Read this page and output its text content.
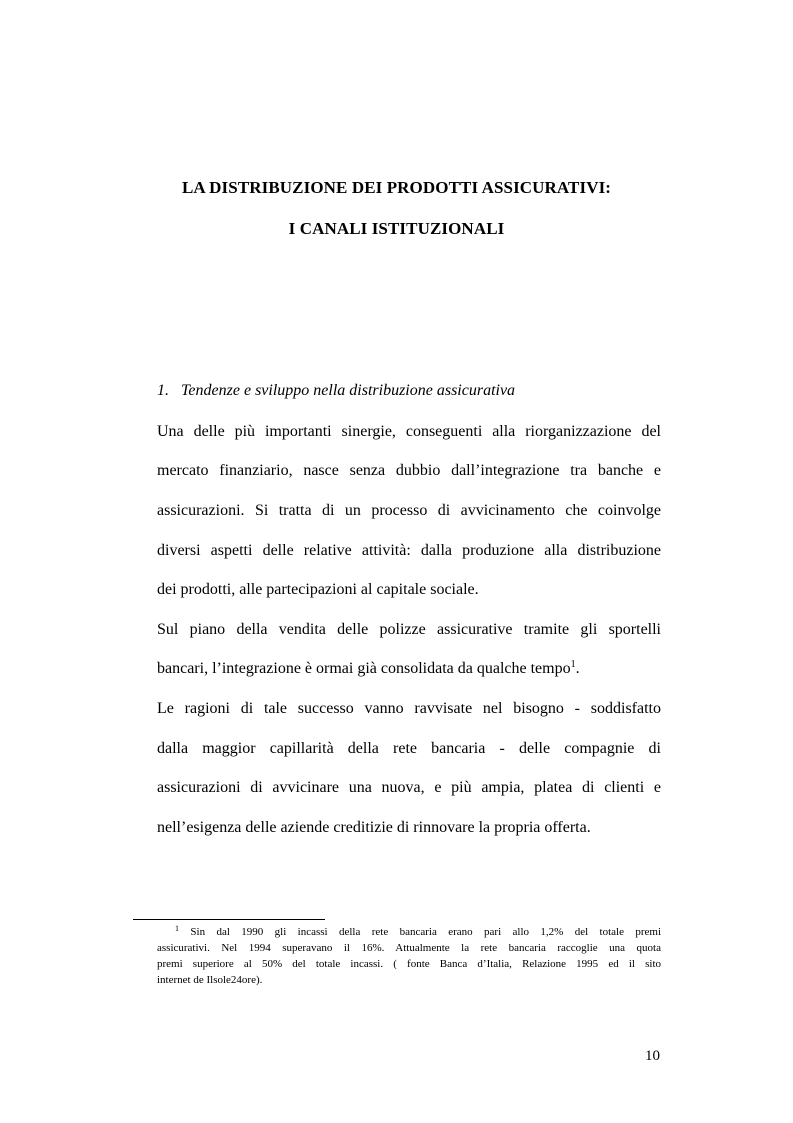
LA DISTRIBUZIONE DEI PRODOTTI ASSICURATIVI:
I CANALI ISTITUZIONALI
1. Tendenze e sviluppo nella distribuzione assicurativa
Una delle più importanti sinergie, conseguenti alla riorganizzazione del
mercato finanziario, nasce senza dubbio dall’integrazione tra banche e
assicurazioni. Si tratta di un processo di avvicinamento che coinvolge
diversi aspetti delle relative attività: dalla produzione alla distribuzione
dei prodotti, alle partecipazioni al capitale sociale.
Sul piano della vendita delle polizze assicurative tramite gli sportelli
bancari, l’integrazione è ormai già consolidata da qualche tempo$^1$.
Le ragioni di tale successo vanno ravvisate nel bisogno - soddisfatto
dalla maggior capillarità della rete bancaria - delle compagnie di
assicurazioni di avvicinare una nuova, e più ampia, platea di clienti e
nell’esigenza delle aziende creditizie di rinnovare la propria offerta.
$^1$ Sin dal 1990 gli incassi della rete bancaria erano pari allo 1,2% del totale premi
assicurativi. Nel 1994 superavano il 16%. Attualmente la rete bancaria raccoglie una quota
premi superiore al 50% del totale incassi. ( fonte Banca d’Italia, Relazione 1995 ed il sito
internet de Ilsole24ore).
10
